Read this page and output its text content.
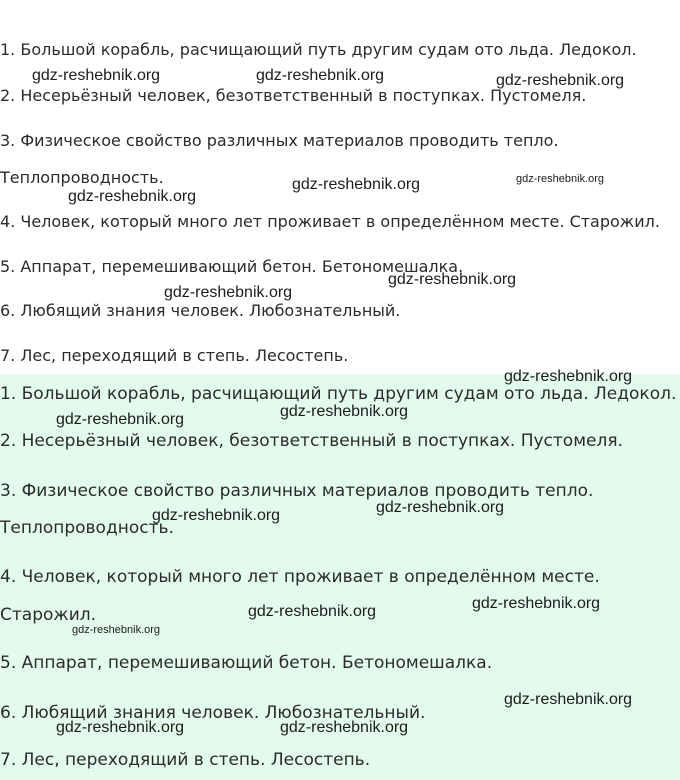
1. Большой корабль, расчищающий путь другим судам ото льда. Ледокол.
2. Несерьёзный человек, безответственный в поступках. Пустомеля.
3. Физическое свойство различных материалов проводить тепло.
Теплопроводность.
4. Человек, который много лет проживает в определённом месте. Старожил.
5. Аппарат, перемешивающий бетон. Бетономешалка.
6. Любящий знания человек. Любознательный.
7. Лес, переходящий в степь. Лесостепь.
gdz-reshebnik.org	gdz-reshebnik.org	gdz-reshebnik.org
gdz-reshebnik.org	gdz-reshebnik.org
gdz-reshebnik.org
gdz-reshebnik.org
gdz-reshebnik.org
1. Большой корабль, расчищающий путь другим судам ото льда. Ледокол.
2. Несерьёзный человек, безответственный в поступках. Пустомеля.
3. Физическое свойство различных материалов проводить тепло.
Теплопроводность.
4. Человек, который много лет проживает в определённом месте.
Старожил.
5. Аппарат, перемешивающий бетон. Бетономешалка.
6. Любящий знания человек. Любознательный.
7. Лес, переходящий в степь. Лесостепь.
gdz-reshebnik.org
gdz-reshebnik.org	gdz-reshebnik.org
gdz-reshebnik.org
gdz-reshebnik.org
gdz-reshebnik.org
gdz-reshebnik.org
gdz-reshebnik.org
gdz-reshebnik.org
gdz-reshebnik.org	gdz-reshebnik.org
